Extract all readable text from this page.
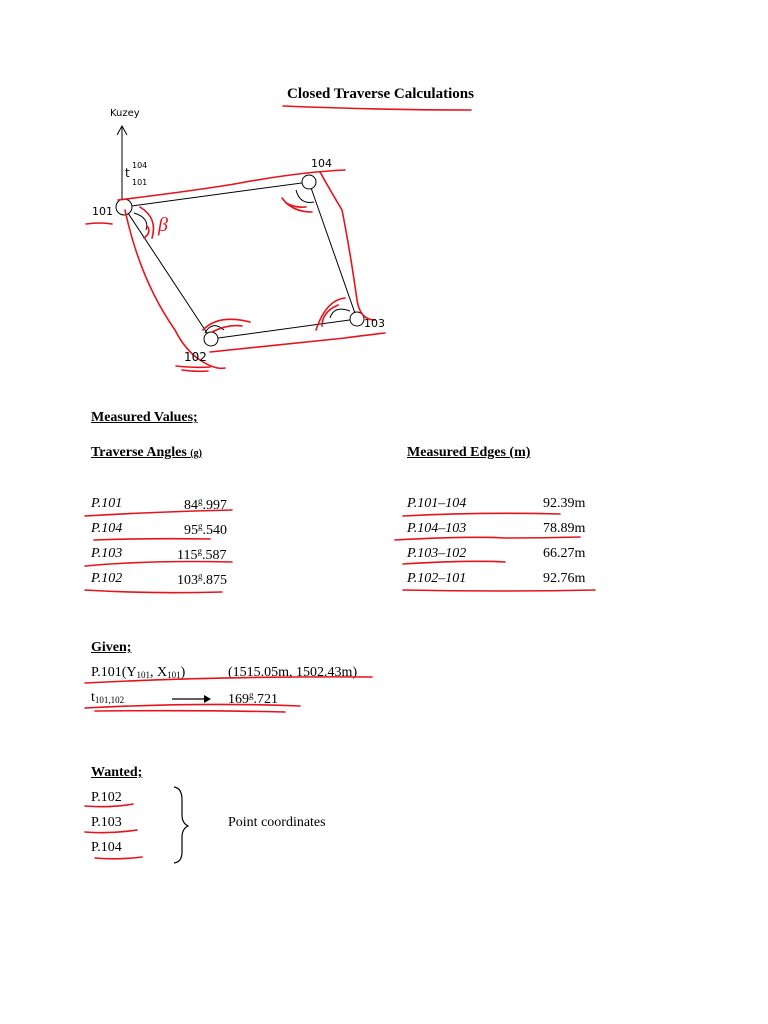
Closed Traverse Calculations
Kuzey
t
104
101
101
104
103
102
β
Measured Values;
Traverse Angles (g)	Measured Edges (m)
P.101	84$^g$.997
P.104	95$^g$.540
P.103	115$^g$.587
P.102	103$^g$.875
P.101–104	92.39m
P.104–103	78.89m
P.103–102	66.27m
P.102–101	92.76m
Given;
$P.101(Y_{101}$, $X_{101}$)	(1515.05m, 1502.43m)
$t_{101,102}$	169$^g$.721
Wanted;
P.102
P.103
P.104
Point coordinates
